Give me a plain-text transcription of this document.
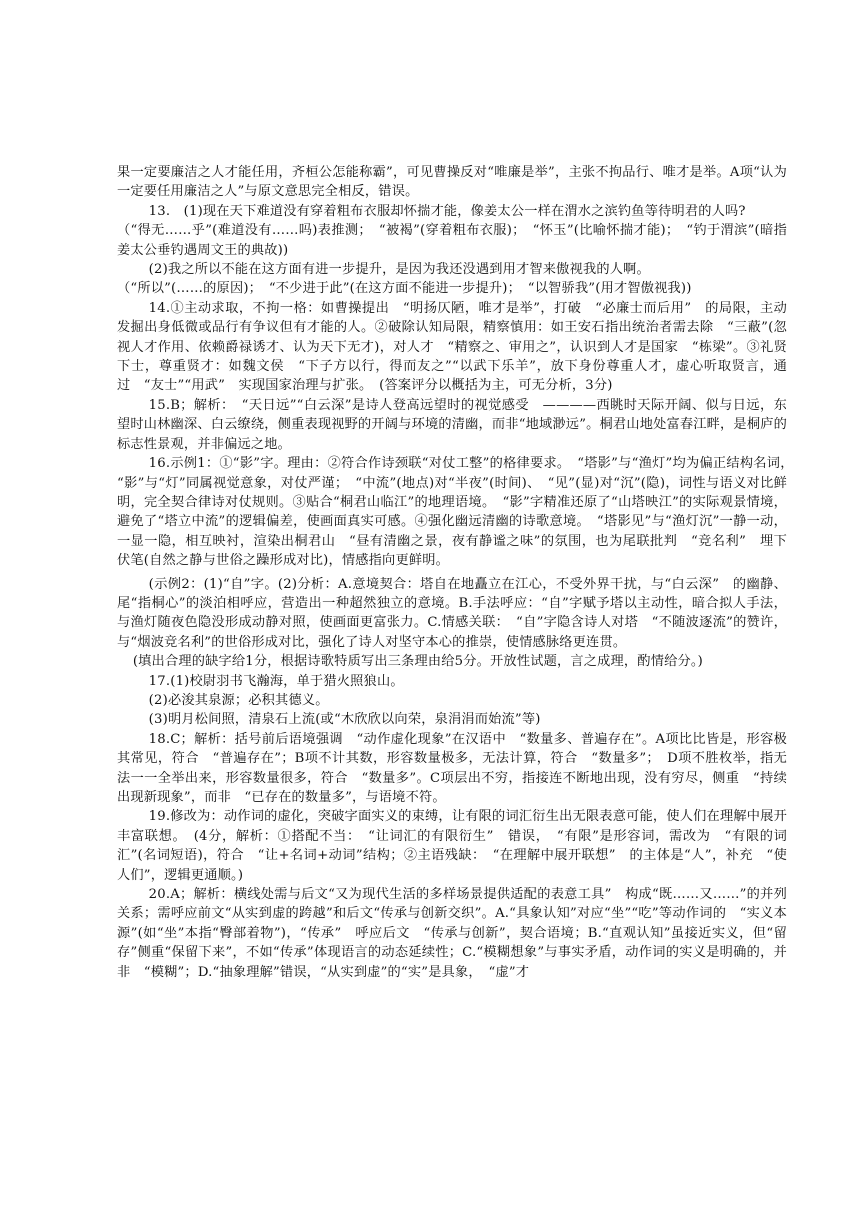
果一定要廉洁之人才能任用，齐桓公怎能称霸”，可见曹操反对“唯廉是举”，主张不拘品行、唯才是举。A项“认为一定要任用廉洁之人”与原文意思完全相反，错误。

13.　(1)现在天下难道没有穿着粗布衣服却怀揣才能，像姜太公一样在渭水之滨钓鱼等待明君的人吗?

（“得无……乎”(难道没有……吗)表推测；　“被褐”(穿着粗布衣服)；　“怀玉”(比喻怀揣才能)；　“钓于渭滨”(暗指姜太公垂钓遇周文王的典故))

(2)我之所以不能在这方面有进一步提升，是因为我还没遇到用才智来傲视我的人啊。

（“所以”(……的原因)；　“不少进于此”(在这方面不能进一步提升)；　“以智骄我”(用才智傲视我))

14.①主动求取，不拘一格：如曹操提出　“明扬仄陋，唯才是举”，打破　“必廉士而后用”　的局限，主动发掘出身低微或品行有争议但有才能的人。②破除认知局限，精察慎用：如王安石指出统治者需去除　“三蔽”(忽视人才作用、依赖爵禄诱才、认为天下无才)，对人才　“精察之、审用之”，认识到人才是国家　“栋梁”。③礼贤下士，尊重贤才：如魏文侯　“下子方以行，得而友之”“以武下乐羊”，放下身份尊重人才，虚心听取贤言，通过　“友士”“用武”　实现国家治理与扩张。　(答案评分以概括为主，可无分析，3分)

15.B；解析：　“天日远”“白云深”是诗人登高远望时的视觉感受　————西眺时天际开阔、似与日远，东望时山林幽深、白云缭绕，侧重表现视野的开阔与环境的清幽，而非“地域渺远”。桐君山地处富春江畔，是桐庐的标志性景观，并非偏远之地。

16.示例1：①“影”字。理由：②符合作诗颈联“对仗工整”的格律要求。　“塔影”与“渔灯”均为偏正结构名词，　“影”与“灯”同属视觉意象，对仗严谨；　“中流”(地点)对“半夜”(时间)、　“见”(显)对“沉”(隐)，词性与语义对比鲜明，完全契合律诗对仗规则。③贴合“桐君山临江”的地理语境。　“影”字精准还原了“山塔映江”的实际观景情境，避免了“塔立中流”的逻辑偏差，使画面真实可感。④强化幽远清幽的诗歌意境。　“塔影见”与“渔灯沉”一静一动，一显一隐，相互映衬，渲染出桐君山　“昼有清幽之景，夜有静谧之味”的氛围，也为尾联批判　“竞名利”　埋下伏笔(自然之静与世俗之躁形成对比)，情感指向更鲜明。

(示例2：(1)“自”字。(2)分析：A.意境契合：塔自在地矗立在江心，不受外界干扰，与“白云深”　的幽静、尾“指桐心”的淡泊相呼应，营造出一种超然独立的意境。B.手法呼应：“自”字赋予塔以主动性，暗合拟人手法，与渔灯随夜色隐没形成动静对照，使画面更富张力。C.情感关联：　“自”字隐含诗人对塔　“不随波逐流”的赞许，与“烟波竞名利”的世俗形成对比，强化了诗人对坚守本心的推崇，使情感脉络更连贯。

(填出合理的缺字给1分，根据诗歌特质写出三条理由给5分。开放性试题，言之成理，酌情给分。)

17.(1)校尉羽书飞瀚海，单于猎火照狼山。

(2)必浚其泉源；必积其德义。

(3)明月松间照，清泉石上流(或“木欣欣以向荣，泉涓涓而始流”等)

18.C；解析：括号前后语境强调　“动作虚化现象”在汉语中　“数量多、普遍存在”。A项比比皆是，形容极其常见，符合　“普遍存在”；B项不计其数，形容数量极多，无法计算，符合　“数量多”；　D项不胜枚举，指无法一一全举出来，形容数量很多，符合　“数量多”。C项层出不穷，指接连不断地出现，没有穷尽，侧重　“持续出现新现象”，而非　“已存在的数量多”，与语境不符。

19.修改为：动作词的虚化，突破字面实义的束缚，让有限的词汇衍生出无限表意可能，使人们在理解中展开丰富联想。　(4分，解析：①搭配不当：　“让词汇的有限衍生”　错误，　“有限”是形容词，需改为　“有限的词汇”(名词短语)，符合　“让+名词+动词”结构；②主语残缺：　“在理解中展开联想”　的主体是“人”，补充　“使人们”，逻辑更通顺。)

20.A；解析：横线处需与后文“又为现代生活的多样场景提供适配的表意工具”　构成“既……又……”的并列关系；需呼应前文“从实到虚的跨越”和后文“传承与创新交织”。A.“具象认知”对应“坐”“吃”等动作词的　“实义本源”(如“坐”本指“臀部着物”)，“传承”　呼应后文　“传承与创新”，契合语境；B.“直观认知”虽接近实义，但“留存”侧重“保留下来”，不如“传承”体现语言的动态延续性；C.“模糊想象”与事实矛盾，动作词的实义是明确的，并非　“模糊”；D.“抽象理解”错误，“从实到虚”的“实”是具象，　“虚”才
